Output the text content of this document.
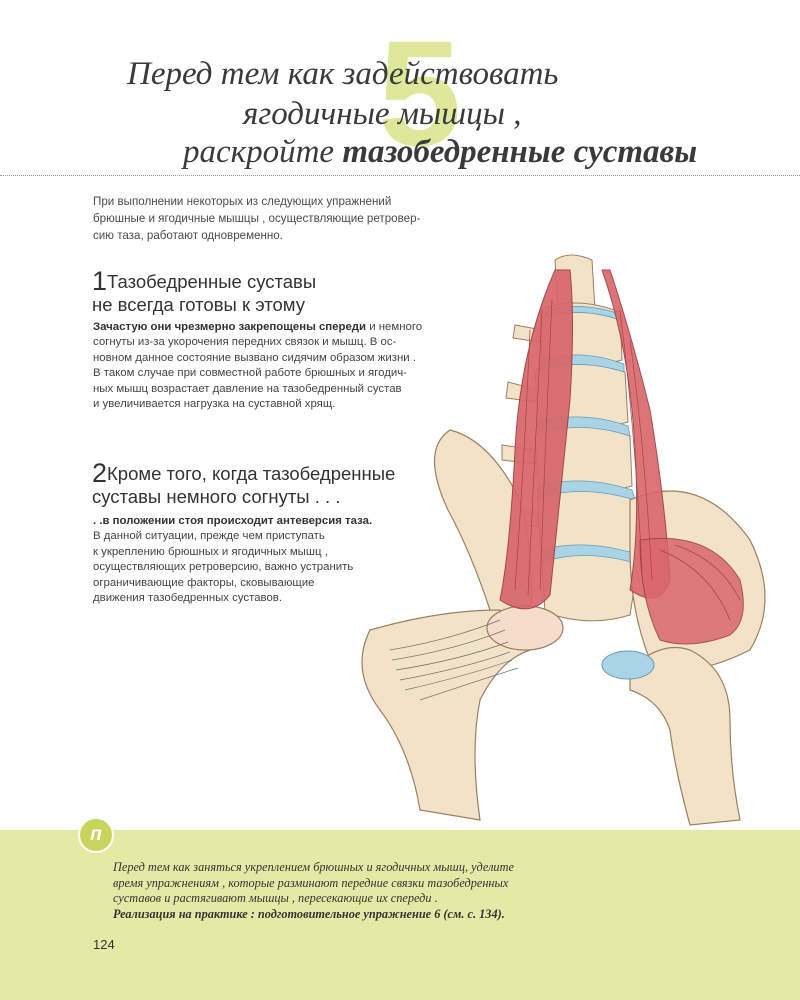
5
Перед тем как задействовать
ягодичные мышцы ,
раскройте тазобедренные суставы
При выполнении некоторых из следующих упражнений
брюшные и ягодичные мышцы , осуществляющие ретровер-
сию таза, работают одновременно.
1Тазобедренные суставы
не всегда готовы к этому
Зачастую они чрезмерно закрепощены спереди и немного
согнуты из-за укорочения передних связок и мышц. В ос-
новном данное состояние вызвано сидячим образом жизни .
В таком случае при совместной работе брюшных и ягодич-
ных мышц возрастает давление на тазобедренный сустав
и увеличивается нагрузка на суставной хрящ.
2Кроме того, когда тазобедренные
суставы немного согнуты . . .
. .в положении стоя происходит антеверсия таза.
В данной ситуации, прежде чем приступать
к укреплению брюшных и ягодичных мышц ,
осуществляющих ретроверсию, важно устранить
ограничивающие факторы, сковывающие
движения тазобедренных суставов.
п
Перед тем как заняться укреплением брюшных и ягодичных мышц, уделите
время упражнениям , которые разминают передние связки тазобедренных
суставов и растягивают мышцы , пересекающие их спереди .
Реализация на практике : подготовительное упражнение 6 (см. с. 134).
124
